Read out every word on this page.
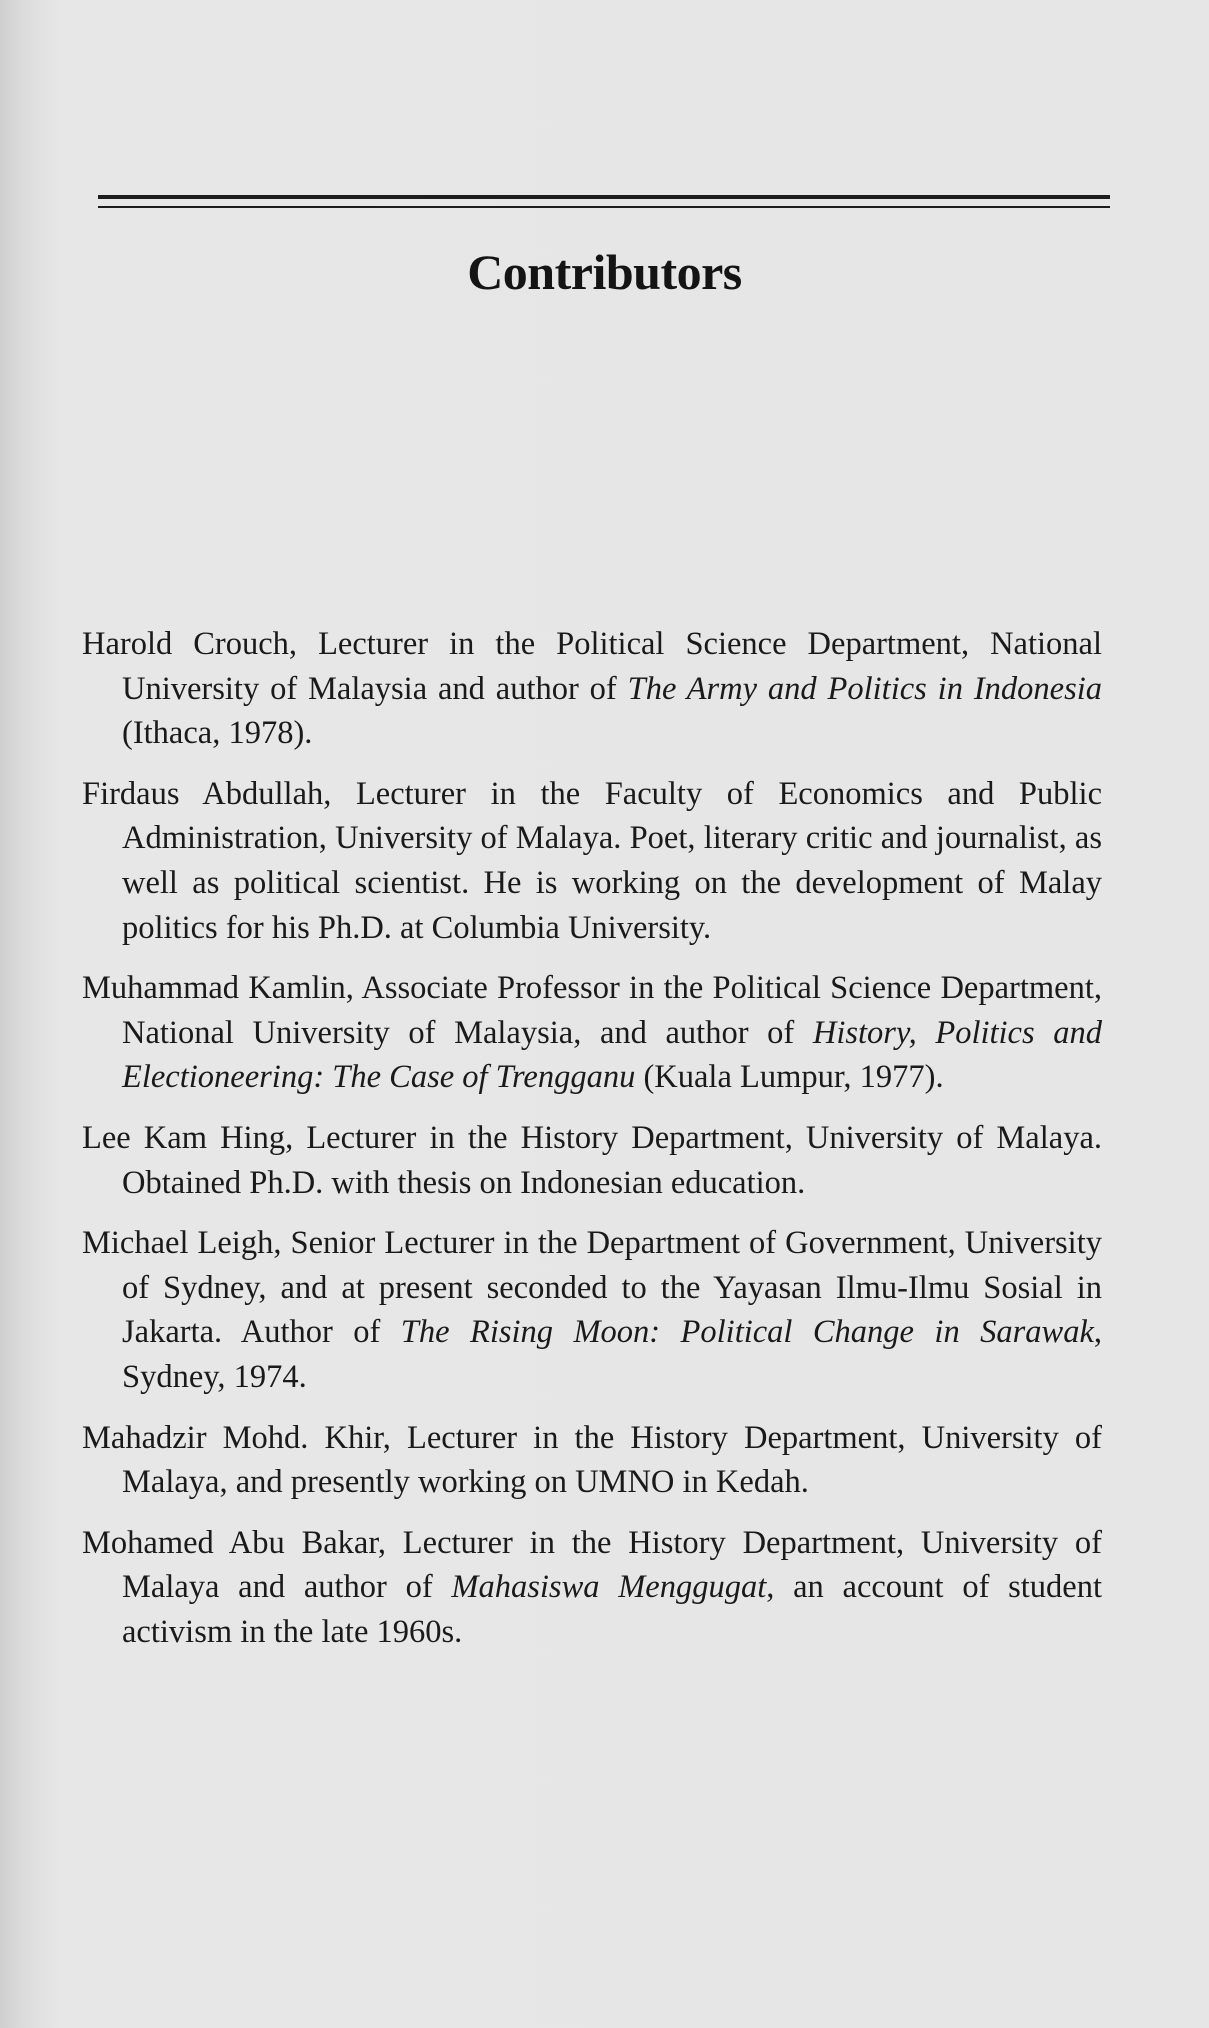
Contributors

Harold Crouch, Lecturer in the Political Science Department, National University of Malaysia and author of The Army and Politics in Indonesia (Ithaca, 1978).

Firdaus Abdullah, Lecturer in the Faculty of Economics and Public Administration, University of Malaya. Poet, literary critic and journalist, as well as political scientist. He is working on the development of Malay politics for his Ph.D. at Columbia University.

Muhammad Kamlin, Associate Professor in the Political Science Department, National University of Malaysia, and author of History, Politics and Electioneering: The Case of Trengganu (Kuala Lumpur, 1977).

Lee Kam Hing, Lecturer in the History Department, University of Malaya. Obtained Ph.D. with thesis on Indonesian education.

Michael Leigh, Senior Lecturer in the Department of Government, University of Sydney, and at present seconded to the Yayasan Ilmu-Ilmu Sosial in Jakarta. Author of The Rising Moon: Political Change in Sarawak, Sydney, 1974.

Mahadzir Mohd. Khir, Lecturer in the History Department, University of Malaya, and presently working on UMNO in Kedah.

Mohamed Abu Bakar, Lecturer in the History Department, University of Malaya and author of Mahasiswa Menggugat, an account of student activism in the late 1960s.
